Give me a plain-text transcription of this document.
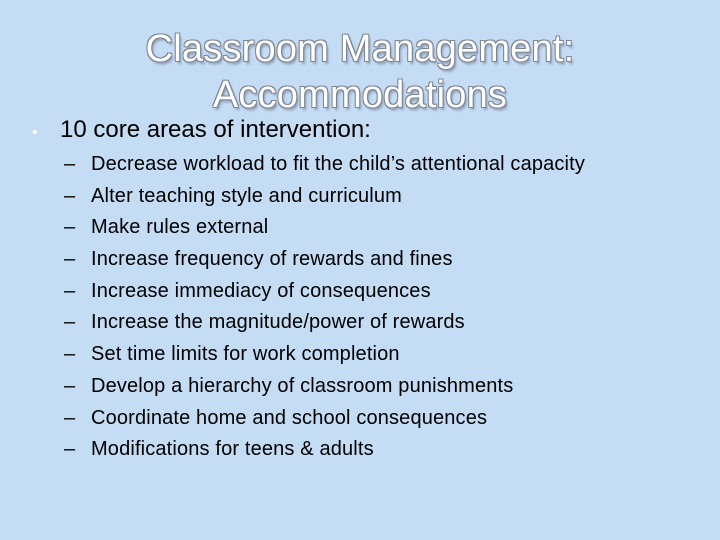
Classroom Management:
Accommodations
• 10 core areas of intervention:
– Decrease workload to fit the child’s attentional capacity
– Alter teaching style and curriculum
– Make rules external
– Increase frequency of rewards and fines
– Increase immediacy of consequences
– Increase the magnitude/power of rewards
– Set time limits for work completion
– Develop a hierarchy of classroom punishments
– Coordinate home and school consequences
– Modifications for teens & adults
